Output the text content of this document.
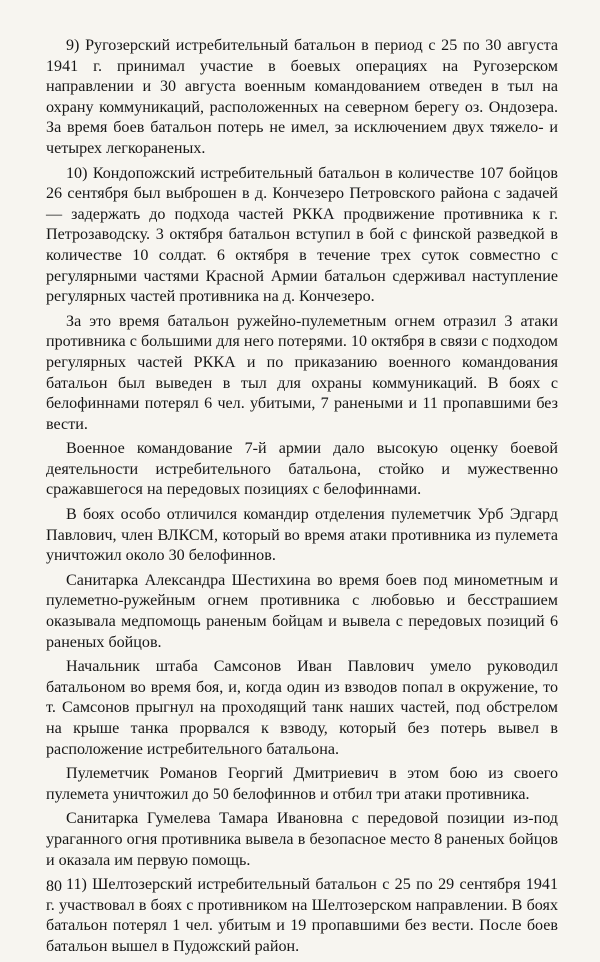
9) Ругозерский истребительный батальон в период с 25 по 30 августа 1941 г. принимал участие в боевых операциях на Ругозерском направлении и 30 августа военным командованием отведен в тыл на охрану коммуникаций, расположенных на северном берегу оз. Ондозера. За время боев батальон потерь не имел, за исключением двух тяжело- и четырех легкораненых.

10) Кондопожский истребительный батальон в количестве 107 бойцов 26 сентября был выброшен в д. Кончезеро Петровского района с задачей — задержать до подхода частей РККА продвижение противника к г. Петрозаводску. 3 октября батальон вступил в бой с финской разведкой в количестве 10 солдат. 6 октября в течение трех суток совместно с регулярными частями Красной Армии батальон сдерживал наступление регулярных частей противника на д. Кончезеро.

За это время батальон ружейно-пулеметным огнем отразил 3 атаки противника с большими для него потерями. 10 октября в связи с подходом регулярных частей РККА и по приказанию военного командования батальон был выведен в тыл для охраны коммуникаций. В боях с белофиннами потерял 6 чел. убитыми, 7 ранеными и 11 пропавшими без вести.

Военное командование 7-й армии дало высокую оценку боевой деятельности истребительного батальона, стойко и мужественно сражавшегося на передовых позициях с белофиннами.

В боях особо отличился командир отделения пулеметчик Урб Эдгард Павлович, член ВЛКСМ, который во время атаки противника из пулемета уничтожил около 30 белофиннов.

Санитарка Александра Шестихина во время боев под минометным и пулеметно-ружейным огнем противника с любовью и бесстрашием оказывала медпомощь раненым бойцам и вывела с передовых позиций 6 раненых бойцов.

Начальник штаба Самсонов Иван Павлович умело руководил батальоном во время боя, и, когда один из взводов попал в окружение, то т. Самсонов прыгнул на проходящий танк наших частей, под обстрелом на крыше танка прорвался к взводу, который без потерь вывел в расположение истребительного батальона.

Пулеметчик Романов Георгий Дмитриевич в этом бою из своего пулемета уничтожил до 50 белофиннов и отбил три атаки противника.

Санитарка Гумелева Тамара Ивановна с передовой позиции из-под ураганного огня противника вывела в безопасное место 8 раненых бойцов и оказала им первую помощь.

11) Шелтозерский истребительный батальон с 25 по 29 сентября 1941 г. участвовал в боях с противником на Шелтозерском направлении. В боях батальон потерял 1 чел. убитым и 19 пропавшими без вести. После боев батальон вышел в Пудожский район.

80
